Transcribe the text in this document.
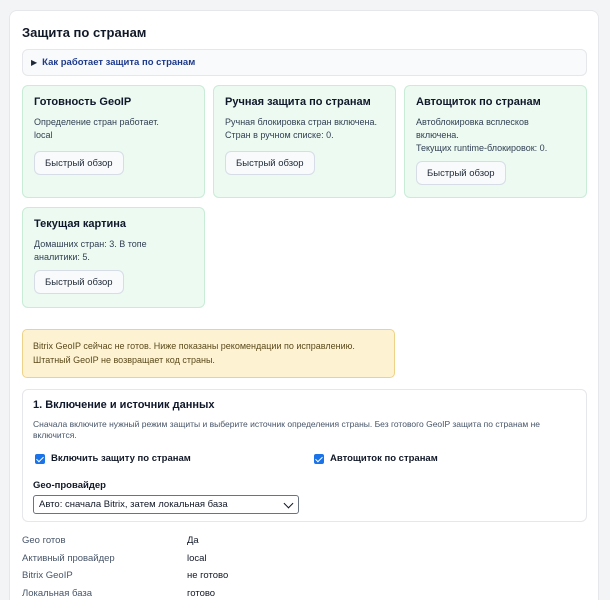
Защита по странам
▶ Как работает защита по странам
Готовность GeoIP
Определение стран работает.
local
Быстрый обзор
Ручная защита по странам
Ручная блокировка стран включена.
Стран в ручном списке: 0.
Быстрый обзор
Автощиток по странам
Автоблокировка всплесков
включена.
Текущих runtime-блокировок: 0.
Быстрый обзор
Текущая картина
Домашних стран: 3. В топе
аналитики: 5.
Быстрый обзор
Bitrix GeoIP сейчас не готов. Ниже показаны рекомендации по исправлению.
Штатный GeoIP не возвращает код страны.
1. Включение и источник данных
Сначала включите нужный режим защиты и выберите источник определения страны. Без готового GeoIP защита по странам не включится.
Включить защиту по странам	Автощиток по странам
Geo-провайдер
Авто: сначала Bitrix, затем локальная база
Geo готов	Да
Активный провайдер	local
Bitrix GeoIP	не готово
Локальная база	готово
